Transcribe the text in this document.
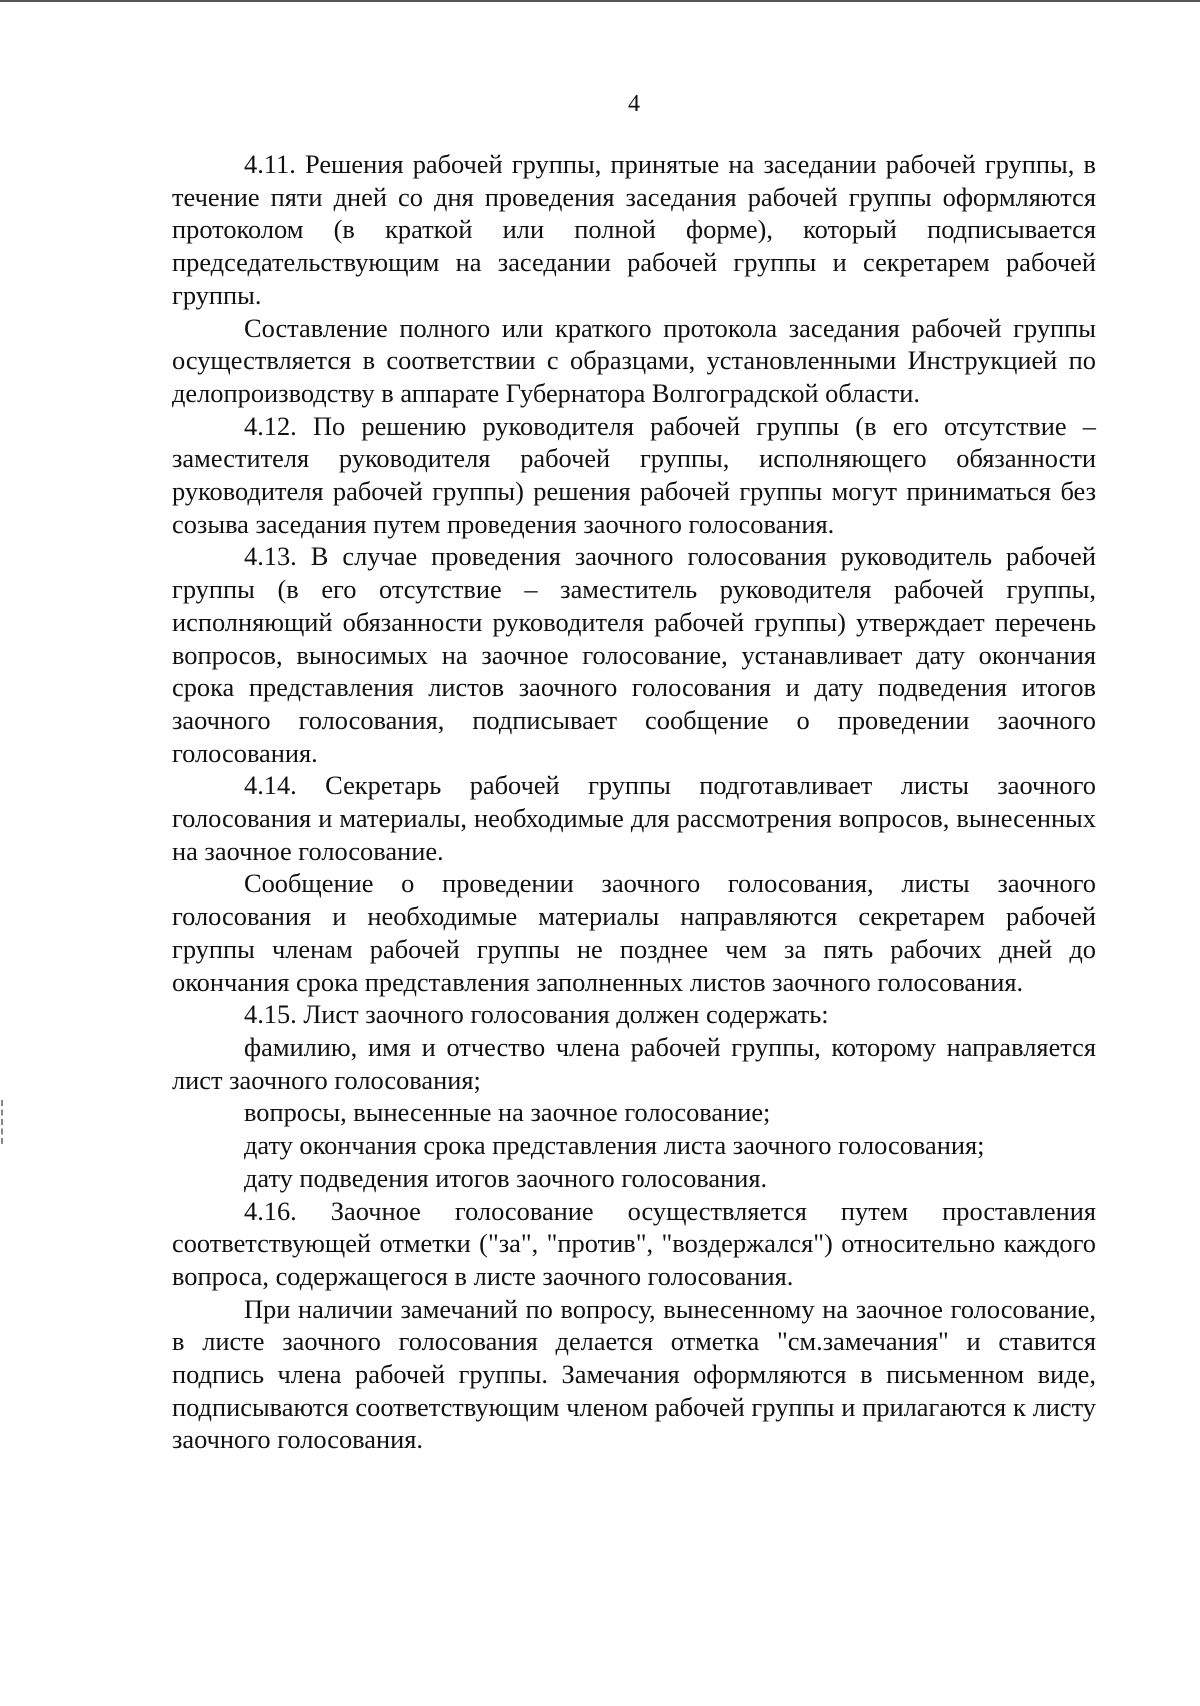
4

4.11. Решения рабочей группы, принятые на заседании рабочей группы, в течение пяти дней со дня проведения заседания рабочей группы оформляются протоколом (в краткой или полной форме), который подписывается председательствующим на заседании рабочей группы и секретарем рабочей группы.

Составление полного или краткого протокола заседания рабочей группы осуществляется в соответствии с образцами, установленными Инструкцией по делопроизводству в аппарате Губернатора Волгоградской области.

4.12. По решению руководителя рабочей группы (в его отсутствие – заместителя руководителя рабочей группы, исполняющего обязанности руководителя рабочей группы) решения рабочей группы могут приниматься без созыва заседания путем проведения заочного голосования.

4.13. В случае проведения заочного голосования руководитель рабочей группы (в его отсутствие – заместитель руководителя рабочей группы, исполняющий обязанности руководителя рабочей группы) утверждает перечень вопросов, выносимых на заочное голосование, устанавливает дату окончания срока представления листов заочного голосования и дату подведения итогов заочного голосования, подписывает сообщение о проведении заочного голосования.

4.14. Секретарь рабочей группы подготавливает листы заочного голосования и материалы, необходимые для рассмотрения вопросов, вынесенных на заочное голосование.

Сообщение о проведении заочного голосования, листы заочного голосования и необходимые материалы направляются секретарем рабочей группы членам рабочей группы не позднее чем за пять рабочих дней до окончания срока представления заполненных листов заочного голосования.

4.15. Лист заочного голосования должен содержать:

фамилию, имя и отчество члена рабочей группы, которому направляется лист заочного голосования;

вопросы, вынесенные на заочное голосование;

дату окончания срока представления листа заочного голосования;

дату подведения итогов заочного голосования.

4.16. Заочное голосование осуществляется путем проставления соответствующей отметки ("за", "против", "воздержался") относительно каждого вопроса, содержащегося в листе заочного голосования.

При наличии замечаний по вопросу, вынесенному на заочное голосование, в листе заочного голосования делается отметка "см.замечания" и ставится подпись члена рабочей группы. Замечания оформляются в письменном виде, подписываются соответствующим членом рабочей группы и прилагаются к листу заочного голосования.
